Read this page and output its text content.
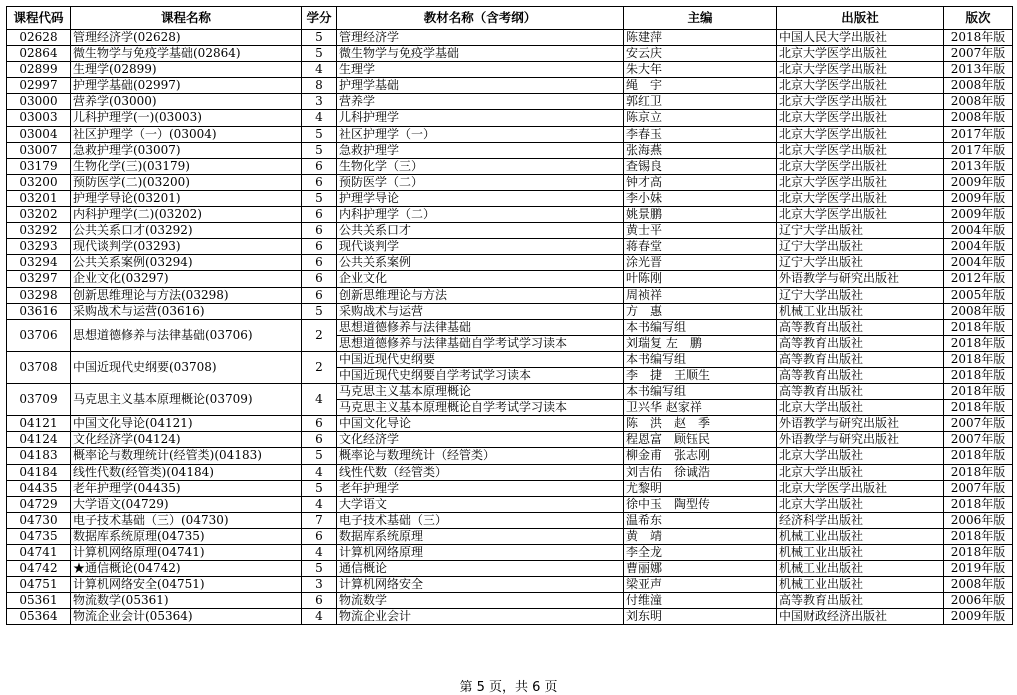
课程代码	课程名称	学分	教材名称（含考纲）	主编	出版社	版次
02628	管理经济学(02628)	5	管理经济学	陈建萍	中国人民大学出版社	2018年版
02864	微生物学与免疫学基础(02864)	5	微生物学与免疫学基础	安云庆	北京大学医学出版社	2007年版
02899	生理学(02899)	4	生理学	朱大年	北京大学医学出版社	2013年版
02997	护理学基础(02997)	8	护理学基础	绳　宇	北京大学医学出版社	2008年版
03000	营养学(03000)	3	营养学	郭红卫	北京大学医学出版社	2008年版
03003	儿科护理学(一)(03003)	4	儿科护理学	陈京立	北京大学医学出版社	2008年版
03004	社区护理学（一）(03004)	5	社区护理学（一）	李春玉	北京大学医学出版社	2017年版
03007	急救护理学(03007)	5	急救护理学	张海燕	北京大学医学出版社	2017年版
03179	生物化学(三)(03179)	6	生物化学（三）	查锡良	北京大学医学出版社	2013年版
03200	预防医学(二)(03200)	6	预防医学（二）	钟才高	北京大学医学出版社	2009年版
03201	护理学导论(03201)	5	护理学导论	李小妹	北京大学医学出版社	2009年版
03202	内科护理学(二)(03202)	6	内科护理学（二）	姚景鹏	北京大学医学出版社	2009年版
03292	公共关系口才(03292)	6	公共关系口才	黄士平	辽宁大学出版社	2004年版
03293	现代谈判学(03293)	6	现代谈判学	蒋春堂	辽宁大学出版社	2004年版
03294	公共关系案例(03294)	6	公共关系案例	涂光晋	辽宁大学出版社	2004年版
03297	企业文化(03297)	6	企业文化	叶陈刚	外语教学与研究出版社	2012年版
03298	创新思维理论与方法(03298)	6	创新思维理论与方法	周祯祥	辽宁大学出版社	2005年版
03616	采购战术与运营(03616)	5	采购战术与运营	方　惠	机械工业出版社	2008年版
03706	思想道德修养与法律基础(03706)	2	思想道德修养与法律基础	本书编写组	高等教育出版社	2018年版
			思想道德修养与法律基础自学考试学习读本	刘瑞复 左　鹏	高等教育出版社	2018年版
03708	中国近现代史纲要(03708)	2	中国近现代史纲要	本书编写组	高等教育出版社	2018年版
			中国近现代史纲要自学考试学习读本	李　捷　王顺生	高等教育出版社	2018年版
03709	马克思主义基本原理概论(03709)	4	马克思主义基本原理概论	本书编写组	高等教育出版社	2018年版
			马克思主义基本原理概论自学考试学习读本	卫兴华 赵家祥	北京大学出版社	2018年版
04121	中国文化导论(04121)	6	中国文化导论	陈　洪　赵　季	外语教学与研究出版社	2007年版
04124	文化经济学(04124)	6	文化经济学	程恩富　顾钰民	外语教学与研究出版社	2007年版
04183	概率论与数理统计(经管类)(04183)	5	概率论与数理统计（经管类）	柳金甫　张志刚	北京大学出版社	2018年版
04184	线性代数(经管类)(04184)	4	线性代数（经管类）	刘吉佑　徐诚浩	北京大学出版社	2018年版
04435	老年护理学(04435)	5	老年护理学	尤黎明	北京大学医学出版社	2007年版
04729	大学语文(04729)	4	大学语文	徐中玉　陶型传	北京大学出版社	2018年版
04730	电子技术基础（三）(04730)	7	电子技术基础（三）	温希东	经济科学出版社	2006年版
04735	数据库系统原理(04735)	6	数据库系统原理	黄　靖	机械工业出版社	2018年版
04741	计算机网络原理(04741)	4	计算机网络原理	李全龙	机械工业出版社	2018年版
04742	★通信概论(04742)	5	通信概论	曹丽娜	机械工业出版社	2019年版
04751	计算机网络安全(04751)	3	计算机网络安全	梁亚声	机械工业出版社	2008年版
05361	物流数学(05361)	6	物流数学	付维潼	高等教育出版社	2006年版
05364	物流企业会计(05364)	4	物流企业会计	刘东明	中国财政经济出版社	2009年版
第 5 页，共 6 页
